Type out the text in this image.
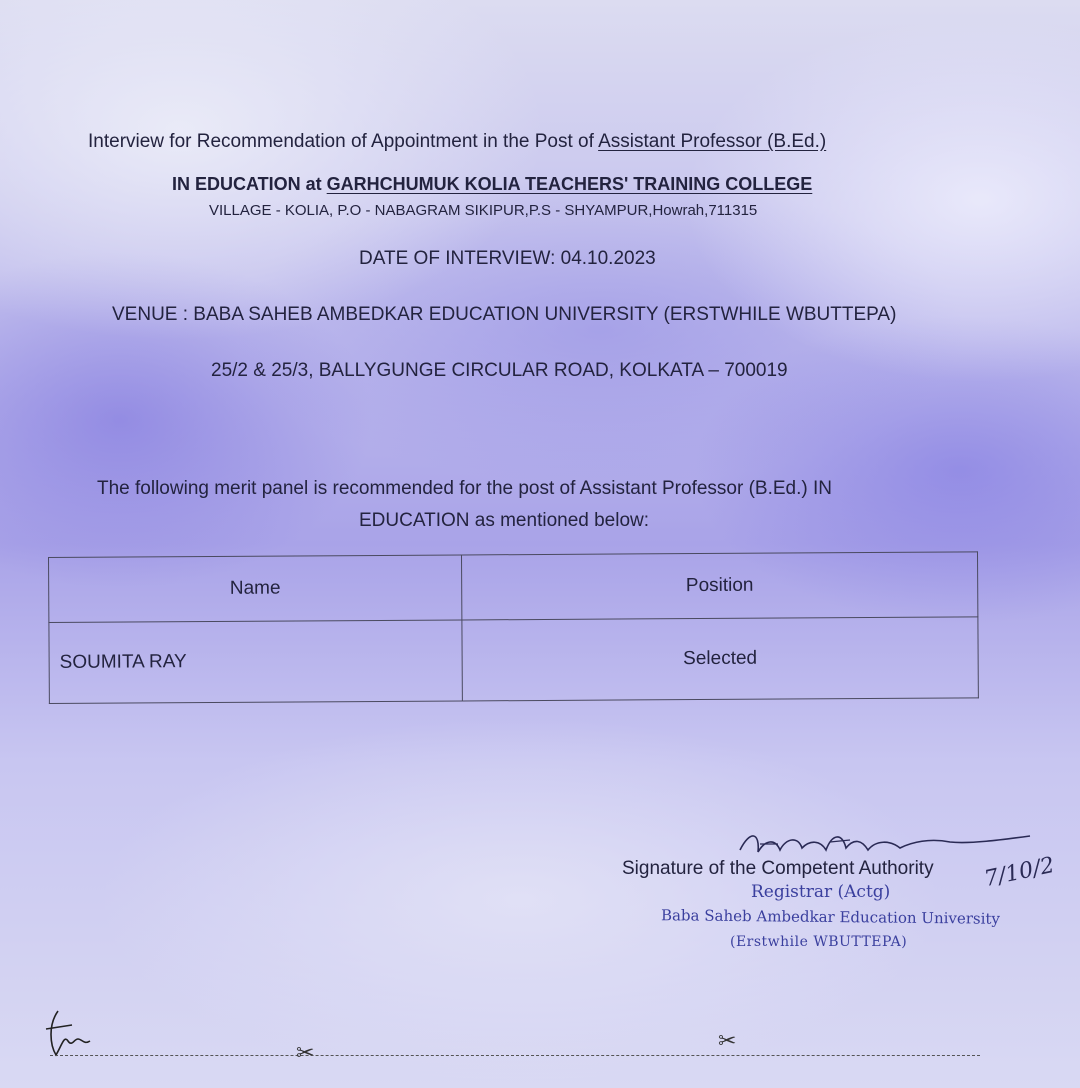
Interview for Recommendation of Appointment in the Post of Assistant Professor (B.Ed.)
IN EDUCATION at GARHCHUMUK KOLIA TEACHERS' TRAINING COLLEGE
VILLAGE - KOLIA, P.O - NABAGRAM SIKIPUR,P.S - SHYAMPUR,Howrah,711315
DATE OF INTERVIEW: 04.10.2023
VENUE : BABA SAHEB AMBEDKAR EDUCATION UNIVERSITY (ERSTWHILE WBUTTEPA)
25/2 & 25/3, BALLYGUNGE CIRCULAR ROAD, KOLKATA – 700019
The following merit panel is recommended for the post of Assistant Professor (B.Ed.) IN
EDUCATION as mentioned below:
Name	Position
SOUMITA RAY	Selected
Signature of the Competent Authority 7/10/2
Registrar (Actg)
Baba Saheb Ambedkar Education University
(Erstwhile WBUTTEPA)
✂	✂
